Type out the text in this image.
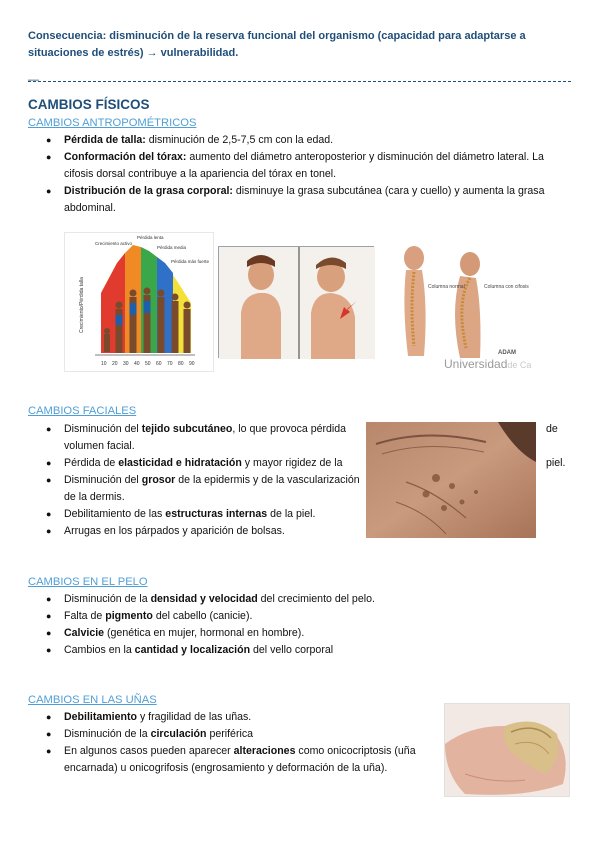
Consecuencia: disminución de la reserva funcional del organismo (capacidad para adaptarse a situaciones de estrés) → vulnerabilidad.
—
CAMBIOS FÍSICOS
CAMBIOS ANTROPOMÉTRICOS
● Pérdida de talla: disminución de 2,5-7,5 cm con la edad.
● Conformación del tórax: aumento del diámetro anteroposterior y disminución del diámetro lateral. La cifosis dorsal contribuye a la apariencia del tórax en tonel.
● Distribución de la grasa corporal: disminuye la grasa subcutánea (cara y cuello) y aumenta la grasa abdominal.
Crecimiento/Pérdida talla
Crecimiento activo
Pérdida lenta
Pérdida media
Pérdida más fuerte
10 20 30 40 50 60 70 80 90
Columna normal	Columna con cifosis
ADAM
Universidadde Ca
CAMBIOS FACIALES
● Disminución del tejido subcutáneo, lo que provoca pérdida
volumen facial.
● Pérdida de elasticidad e hidratación y mayor rigidez de la
● Disminución del grosor de la epidermis y de la vascularización de la dermis.
● Debilitamiento de las estructuras internas de la piel.
● Arrugas en los párpados y aparición de bolsas.
de
piel.
CAMBIOS EN EL PELO
● Disminución de la densidad y velocidad del crecimiento del pelo.
● Falta de pigmento del cabello (canicie).
● Calvicie (genética en mujer, hormonal en hombre).
● Cambios en la cantidad y localización del vello corporal
CAMBIOS EN LAS UÑAS
● Debilitamiento y fragilidad de las uñas.
● Disminución de la circulación periférica
● En algunos casos pueden aparecer alteraciones como onicocriptosis (uña encarnada) u onicogrifosis (engrosamiento y deformación de la uña).
